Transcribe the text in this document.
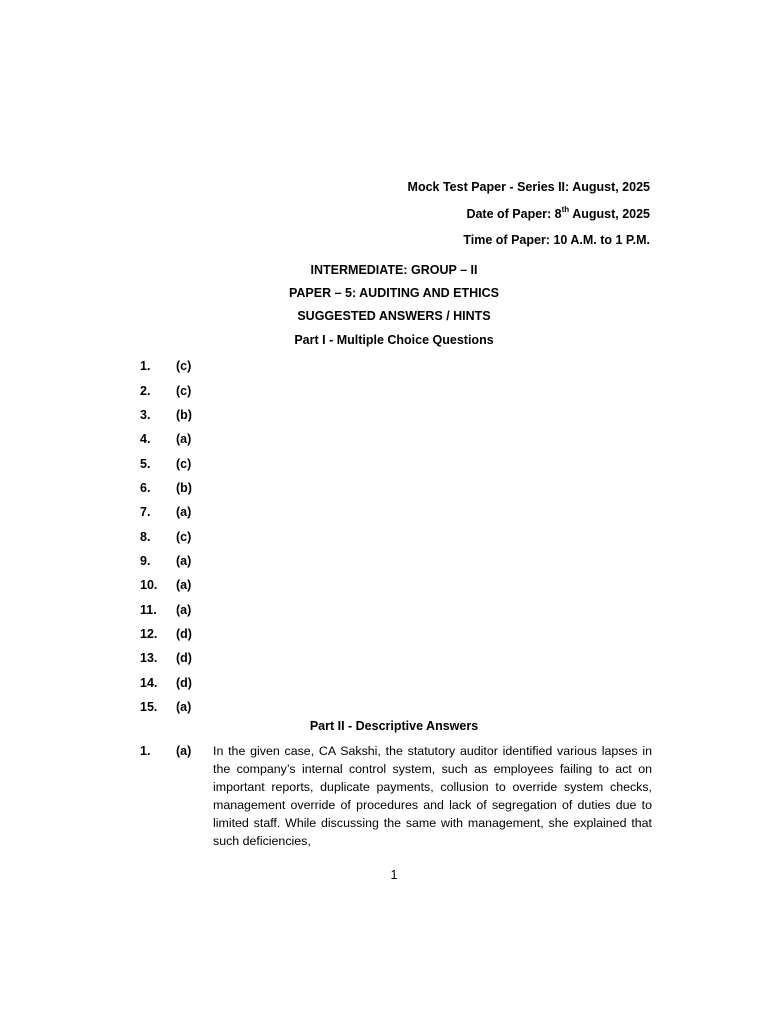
Mock Test Paper - Series II: August, 2025
Date of Paper: 8th August, 2025
Time of Paper: 10 A.M. to 1 P.M.
INTERMEDIATE: GROUP – II
PAPER – 5: AUDITING AND ETHICS
SUGGESTED ANSWERS / HINTS
Part I - Multiple Choice Questions
1.	(c)
2.	(c)
3.	(b)
4.	(a)
5.	(c)
6.	(b)
7.	(a)
8.	(c)
9.	(a)
10.	(a)
11.	(a)
12.	(d)
13.	(d)
14.	(d)
15.	(a)
Part II - Descriptive Answers
1.	(a)	In the given case, CA Sakshi, the statutory auditor identified various lapses in the company’s internal control system, such as employees failing to act on important reports, duplicate payments, collusion to override system checks, management override of procedures and lack of segregation of duties due to limited staff. While discussing the same with management, she explained that such deficiencies,
1
